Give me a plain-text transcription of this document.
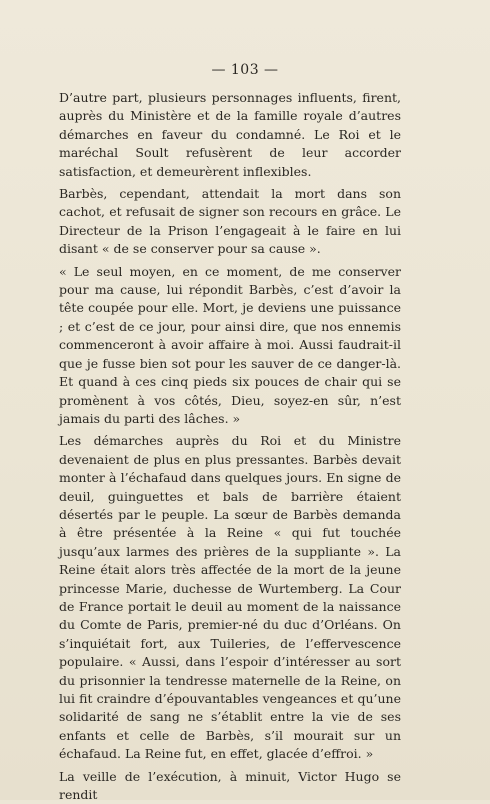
— 103 —

D’autre part, plusieurs personnages influents, firent, auprès du Ministère et de la famille royale d’autres démarches en faveur du condamné. Le Roi et le maréchal Soult refusèrent de leur accorder satisfaction, et demeurèrent inflexibles.

Barbès, cependant, attendait la mort dans son cachot, et refusait de signer son recours en grâce. Le Directeur de la Prison l’engageait à le faire en lui disant « de se conserver pour sa cause ».

« Le seul moyen, en ce moment, de me conserver pour ma cause, lui répondit Barbès, c’est d’avoir la tête coupée pour elle. Mort, je deviens une puissance ; et c’est de ce jour, pour ainsi dire, que nos ennemis commenceront à avoir affaire à moi. Aussi faudrait-il que je fusse bien sot pour les sauver de ce danger-là. Et quand à ces cinq pieds six pouces de chair qui se promènent à vos côtés, Dieu, soyez-en sûr, n’est jamais du parti des lâches. »

Les démarches auprès du Roi et du Ministre devenaient de plus en plus pressantes. Barbès devait monter à l’échafaud dans quelques jours. En signe de deuil, guinguettes et bals de barrière étaient désertés par le peuple. La sœur de Barbès demanda à être présentée à la Reine « qui fut touchée jusqu’aux larmes des prières de la suppliante ». La Reine était alors très affectée de la mort de la jeune princesse Marie, duchesse de Wurtemberg. La Cour de France portait le deuil au moment de la naissance du Comte de Paris, premier-né du duc d’Orléans. On s’inquiétait fort, aux Tuileries, de l’effervescence populaire. « Aussi, dans l’espoir d’intéresser au sort du prisonnier la tendresse maternelle de la Reine, on lui fit craindre d’épouvantables vengeances et qu’une solidarité de sang ne s’établit entre la vie de ses enfants et celle de Barbès, s’il mourait sur un échafaud. La Reine fut, en effet, glacée d’effroi. »

La veille de l’exécution, à minuit, Victor Hugo se rendit
